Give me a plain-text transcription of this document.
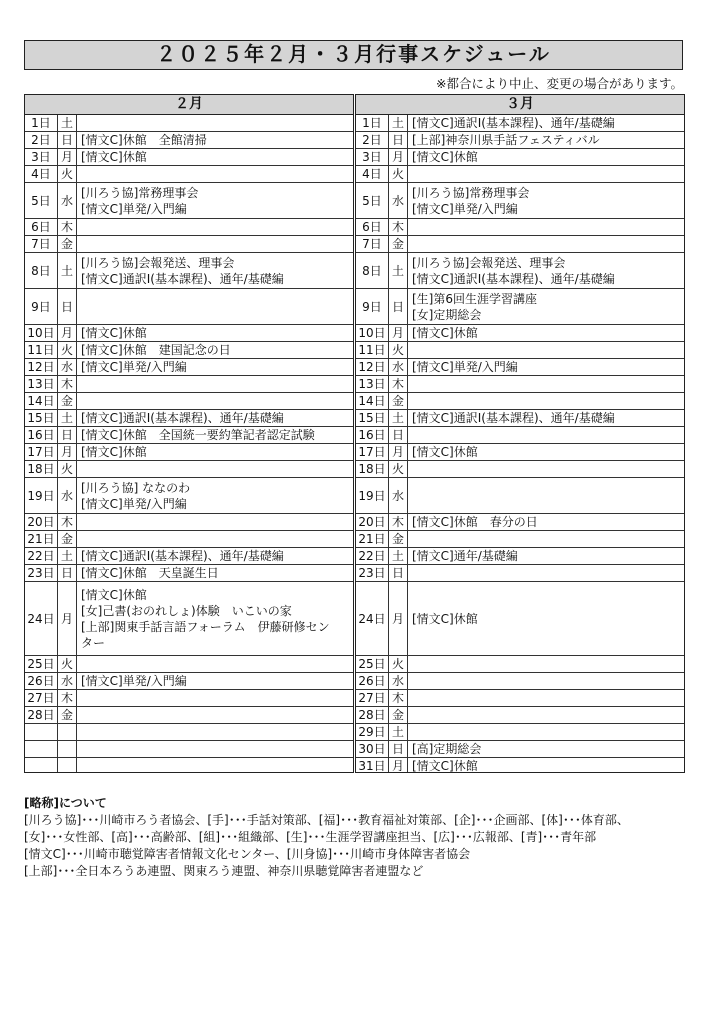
２０２５年２月・３月行事スケジュール
※都合により中止、変更の場合があります。
２月
1日	土	
2日	日	[情文C]休館　全館清掃

3日	月	[情文C]休館

4日	火	
5日	水	[川ろう協]常務理事会
[情文C]単発/入門編

6日	木	
7日	金	
8日	土	[川ろう協]会報発送、理事会
[情文C]通訳Ⅰ(基本課程)、通年/基礎編

9日	日	
10日	月	[情文C]休館

11日	火	[情文C]休館　建国記念の日

12日	水	[情文C]単発/入門編

13日	木	
14日	金	
15日	土	[情文C]通訳Ⅰ(基本課程)、通年/基礎編

16日	日	[情文C]休館　全国統一要約筆記者認定試験

17日	月	[情文C]休館

18日	火	
19日	水	[川ろう協] ななのわ
[情文C]単発/入門編

20日	木	
21日	金	
22日	土	[情文C]通訳Ⅰ(基本課程)、通年/基礎編

23日	日	[情文C]休館　天皇誕生日

24日	月	[情文C]休館
[女]己書(おのれしょ)体験　いこいの家
[上部]関東手話言語フォーラム　伊藤研修セン
ター

25日	火	
26日	水	[情文C]単発/入門編

27日	木	
28日	金	

３月
1日	土	[情文C]通訳Ⅰ(基本課程)、通年/基礎編

2日	日	[上部]神奈川県手話フェスティバル

3日	月	[情文C]休館

4日	火	
5日	水	[川ろう協]常務理事会
[情文C]単発/入門編

6日	木	
7日	金	
8日	土	[川ろう協]会報発送、理事会
[情文C]通訳Ⅰ(基本課程)、通年/基礎編

9日	日	[生]第6回生涯学習講座
[女]定期総会

10日	月	[情文C]休館

11日	火	
12日	水	[情文C]単発/入門編

13日	木	
14日	金	
15日	土	[情文C]通訳Ⅰ(基本課程)、通年/基礎編

16日	日	
17日	月	[情文C]休館

18日	火	
19日	水	
20日	木	[情文C]休館　春分の日

21日	金	
22日	土	[情文C]通年/基礎編

23日	日	
24日	月	[情文C]休館

25日	火	
26日	水	
27日	木	
28日	金	
29日	土	
30日	日	[高]定期総会

31日	月	[情文C]休館
[略称]について
[川ろう協]･･･川崎市ろう者協会、[手]･･･手話対策部、[福]･･･教育福祉対策部、[企]･･･企画部、[体]･･･体育部、
[女]･･･女性部、[高]･･･高齢部、[組]･･･組織部、[生]･･･生涯学習講座担当、[広]･･･広報部、[青]･･･青年部
[情文C]･･･川崎市聴覚障害者情報文化センター、[川身協]･･･川崎市身体障害者協会
[上部]･･･全日本ろうあ連盟、関東ろう連盟、神奈川県聴覚障害者連盟など
